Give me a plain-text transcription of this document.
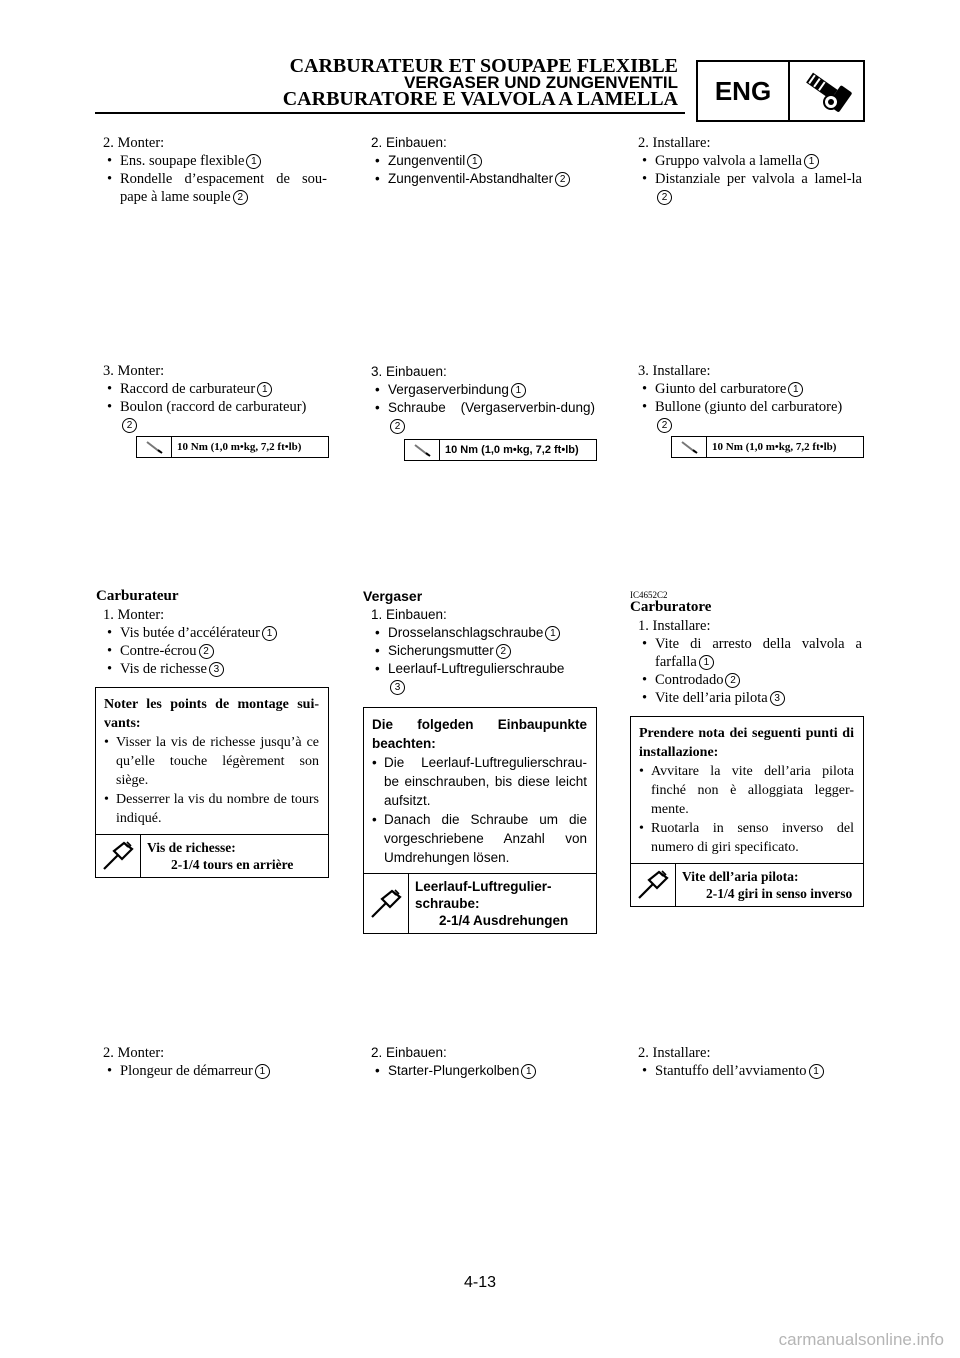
CARBURATEUR ET SOUPAPE FLEXIBLE
VERGASER UND ZUNGENVENTIL
CARBURATORE E VALVOLA A LAMELLA	ENG
2. Monter:
• Ens. soupape flexible 1
• Rondelle d’espacement de sou-pape à lame souple 2
3. Monter:
• Raccord de carburateur 1
• Boulon (raccord de carburateur)
2
10 Nm (1,0 m•kg, 7,2 ft•lb)
Carburateur
1. Monter:
• Vis butée d’accélérateur 1
• Contre-écrou 2
• Vis de richesse 3
Noter les points de montage sui-vants:
• Visser la vis de richesse jusqu’à ce qu’elle touche légèrement son siège.
• Desserrer la vis du nombre de tours indiqué.
Vis de richesse:
2-1/4 tours en arrière
2. Monter:
• Plongeur de démarreur 1
2. Einbauen:
• Zungenventil 1
• Zungenventil-Abstandhalter 2
3. Einbauen:
• Vergaserverbindung 1
• Schraube (Vergaserverbin-dung)2
10 Nm (1,0 m•kg, 7,2 ft•lb)
Vergaser
1. Einbauen:
• Drosselanschlagschraube 1
• Sicherungsmutter 2
• Leerlauf-Luftregulierschraube
3
Die folgeden Einbaupunkte beachten:
• Die Leerlauf-Luftregulierschrau-be einschrauben, bis diese leicht aufsitzt.
• Danach die Schraube um die vorgeschriebene Anzahl von Umdrehungen lösen.
Leerlauf-Luftregulier-schraube:
2-1/4 Ausdrehungen
2. Einbauen:
• Starter-Plungerkolben 1
2. Installare:
• Gruppo valvola a lamella 1
• Distanziale per valvola a lamel-la2
3. Installare:
• Giunto del carburatore 1
• Bullone (giunto del carburatore)
2
10 Nm (1,0 m•kg, 7,2 ft•lb)
IC4652C2
Carburatore
1. Installare:
• Vite di arresto della valvola a farfalla 1
• Controdado 2
• Vite dell’aria pilota 3
Prendere nota dei seguenti punti di installazione:
• Avvitare la vite dell’aria pilota finché non è alloggiata legger-mente.
• Ruotarla in senso inverso del numero di giri specificato.
Vite dell’aria pilota:
2-1/4 giri in senso inverso
2. Installare:
• Stantuffo dell’avviamento 1
4-13
carmanualsonline.info
